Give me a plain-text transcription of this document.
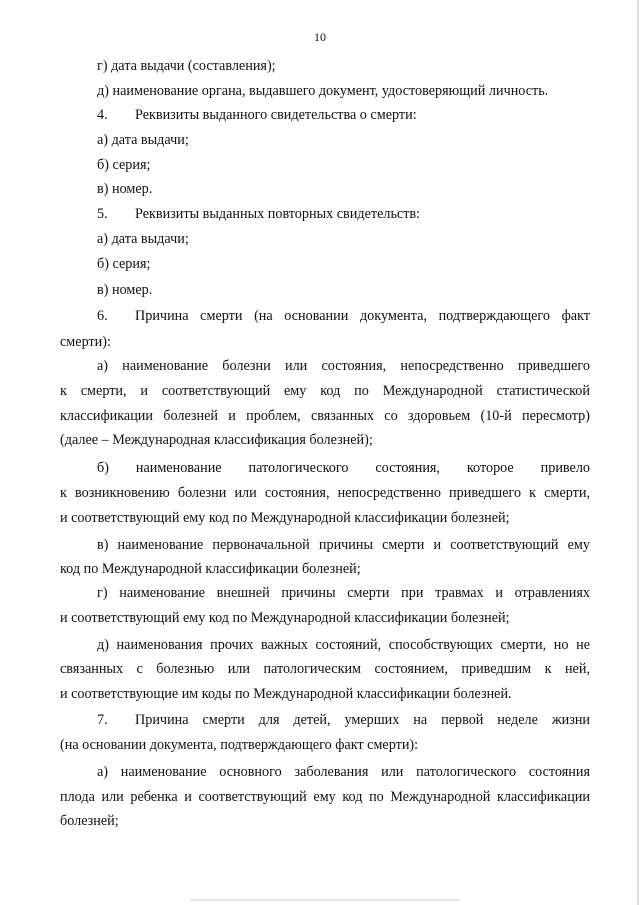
10
г) дата выдачи (составления);
д) наименование органа, выдавшего документ, удостоверяющий личность.
4. Реквизиты выданного свидетельства о смерти:
а) дата выдачи;
б) серия;
в) номер.
5. Реквизиты выданных повторных свидетельств:
а) дата выдачи;
б) серия;
в) номер.
6. Причина смерти (на основании документа, подтверждающего факт
смерти):
а) наименование болезни или состояния, непосредственно приведшего
к смерти, и соответствующий ему код по Международной статистической
классификации болезней и проблем, связанных со здоровьем (10-й пересмотр)
(далее – Международная классификация болезней);
б) наименование патологического состояния, которое привело
к возникновению болезни или состояния, непосредственно приведшего к смерти,
и соответствующий ему код по Международной классификации болезней;
в) наименование первоначальной причины смерти и соответствующий ему
код по Международной классификации болезней;
г) наименование внешней причины смерти при травмах и отравлениях
и соответствующий ему код по Международной классификации болезней;
д) наименования прочих важных состояний, способствующих смерти, но не
связанных с болезнью или патологическим состоянием, приведшим к ней,
и соответствующие им коды по Международной классификации болезней.
7. Причина смерти для детей, умерших на первой неделе жизни
(на основании документа, подтверждающего факт смерти):
а) наименование основного заболевания или патологического состояния
плода или ребенка и соответствующий ему код по Международной классификации
болезней;
